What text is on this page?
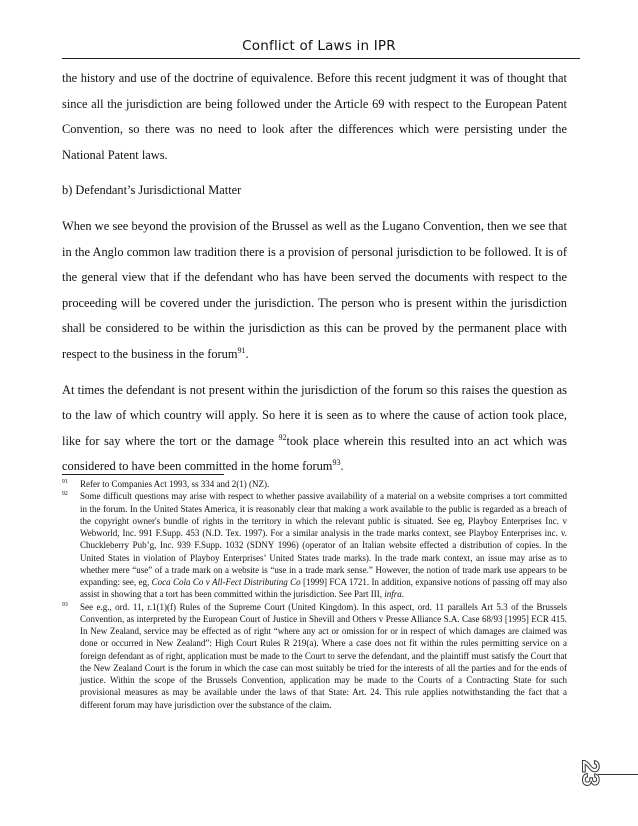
Conflict of Laws in IPR

the history and use of the doctrine of equivalence. Before this recent judgment it was of thought that since all the jurisdiction are being followed under the Article 69 with respect to the European Patent Convention, so there was no need to look after the differences which were persisting under the National Patent laws.

b) Defendant’s Jurisdictional Matter

When we see beyond the provision of the Brussel as well as the Lugano Convention, then we see that in the Anglo common law tradition there is a provision of personal jurisdiction to be followed. It is of the general view that if the defendant who has have been served the documents with respect to the proceeding will be covered under the jurisdiction. The person who is present within the jurisdiction shall be considered to be within the jurisdiction as this can be proved by the permanent place with respect to the business in the forum$^{91}$.

At times the defendant is not present within the jurisdiction of the forum so this raises the question as to the law of which country will apply. So here it is seen as to where the cause of action took place, like for say where the tort or the damage $^{92}$took place wherein this resulted into an act which was considered to have been committed in the home forum$^{93}$.

$^{91}$	Refer to Companies Act 1993, ss 334 and 2(1) (NZ).
$^{92}$	Some difficult questions may arise with respect to whether passive availability of a material on a website comprises a tort committed in the forum. In the United States America, it is reasonably clear that making a work available to the public is regarded as a breach of the copyright owner's bundle of rights in the territory in which the relevant public is situated. See eg, Playboy Enterprises Inc. v Webworld, Inc. 991 F.Supp. 453 (N.D. Tex. 1997). For a similar analysis in the trade marks context, see Playboy Enterprises inc. v. Chuckleberry Pub’g, Inc. 939 F.Supp. 1032 (SDNY 1996) (operator of an Italian website effected a distribution of copies. In the United States in violation of Playboy Enterprises’ United States trade marks). In the trade mark context, an issue may arise as to whether mere “use” of a trade mark on a website is “use in a trade mark sense.” However, the notion of trade mark use appears to be expanding: see, eg, Coca Cola Co v All-Fect Distributing Co [1999] FCA 1721. In addition, expansive notions of passing off may also assist in showing that a tort has been committed within the jurisdiction. See Part III, infra.
$^{93}$	See e.g., ord. 11, r.1(1)(f) Rules of the Supreme Court (United Kingdom). In this aspect, ord. 11 parallels Art 5.3 of the Brussels Convention, as interpreted by the European Court of Justice in Shevill and Others v Presse Alliance S.A. Case 68/93 [1995] ECR 415. In New Zealand, service may be effected as of right “where any act or omission for or in respect of which damages are claimed was done or occurred in New Zealand”: High Court Rules R 219(a). Where a case does not fit within the rules permitting service on a foreign defendant as of right, application must be made to the Court to serve the defendant, and the plaintiff must satisfy the Court that the New Zealand Court is the forum in which the case can most suitably be tried for the interests of all the parties and for the ends of justice. Within the scope of the Brussels Convention, application may be made to the Courts of a Contracting State for such provisional measures as may be available under the laws of that State: Art. 24. This rule applies notwithstanding the fact that a different forum may have jurisdiction over the substance of the claim.
23
